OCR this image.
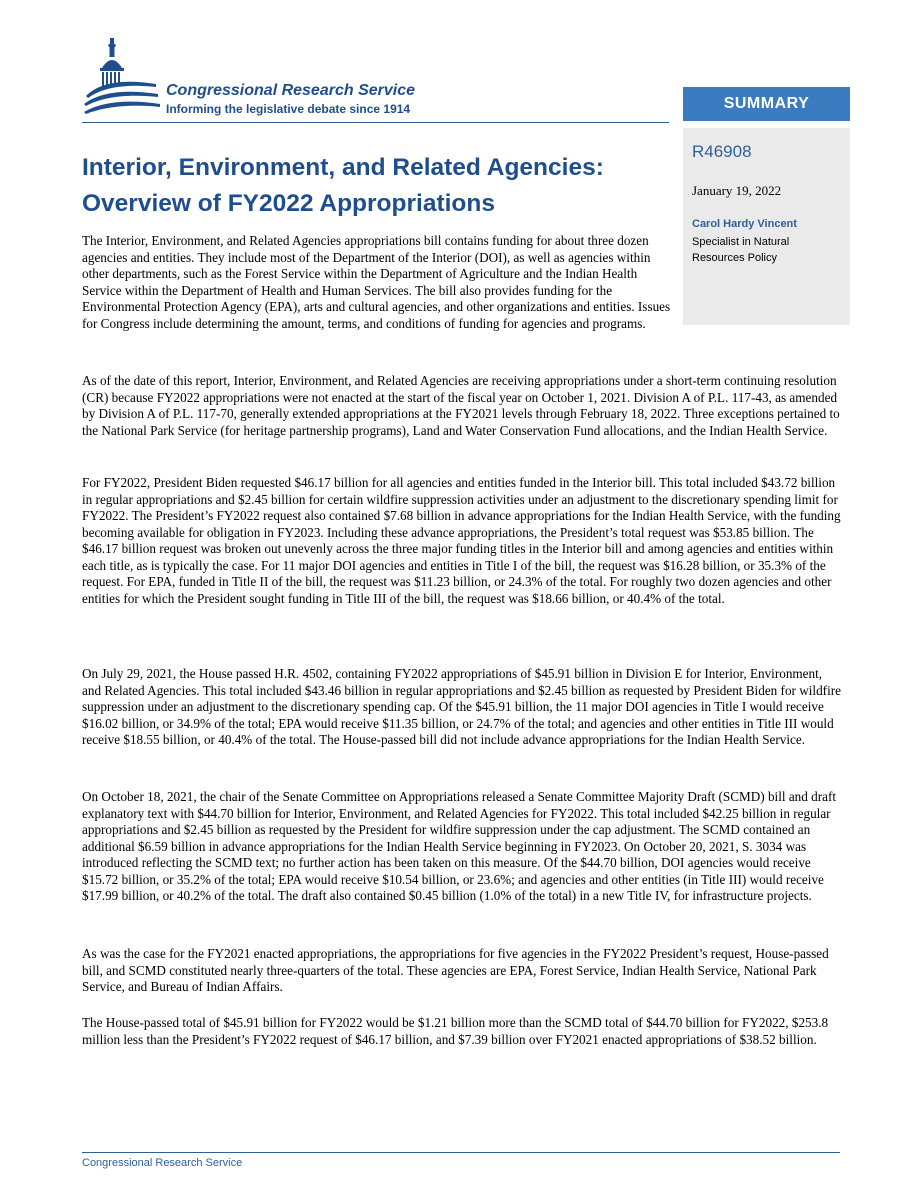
Congressional Research Service
Informing the legislative debate since 1914	SUMMARY
R46908
January 19, 2022
Carol Hardy Vincent
Specialist in Natural Resources Policy
Interior, Environment, and Related Agencies:
Overview of FY2022 Appropriations

The Interior, Environment, and Related Agencies appropriations bill contains funding for about three dozen agencies and entities. They include most of the Department of the Interior (DOI), as well as agencies within other departments, such as the Forest Service within the Department of Agriculture and the Indian Health Service within the Department of Health and Human Services. The bill also provides funding for the Environmental Protection Agency (EPA), arts and cultural agencies, and other organizations and entities. Issues for Congress include determining the amount, terms, and conditions of funding for agencies and programs.

As of the date of this report, Interior, Environment, and Related Agencies are receiving appropriations under a short-term continuing resolution (CR) because FY2022 appropriations were not enacted at the start of the fiscal year on October 1, 2021. Division A of P.L. 117-43, as amended by Division A of P.L. 117-70, generally extended appropriations at the FY2021 levels through February 18, 2022. Three exceptions pertained to the National Park Service (for heritage partnership programs), Land and Water Conservation Fund allocations, and the Indian Health Service.

For FY2022, President Biden requested $46.17 billion for all agencies and entities funded in the Interior bill. This total included $43.72 billion in regular appropriations and $2.45 billion for certain wildfire suppression activities under an adjustment to the discretionary spending limit for FY2022. The President’s FY2022 request also contained $7.68 billion in advance appropriations for the Indian Health Service, with the funding becoming available for obligation in FY2023. Including these advance appropriations, the President’s total request was $53.85 billion. The $46.17 billion request was broken out unevenly across the three major funding titles in the Interior bill and among agencies and entities within each title, as is typically the case. For 11 major DOI agencies and entities in Title I of the bill, the request was $16.28 billion, or 35.3% of the request. For EPA, funded in Title II of the bill, the request was $11.23 billion, or 24.3% of the total. For roughly two dozen agencies and other entities for which the President sought funding in Title III of the bill, the request was $18.66 billion, or 40.4% of the total.

On July 29, 2021, the House passed H.R. 4502, containing FY2022 appropriations of $45.91 billion in Division E for Interior, Environment, and Related Agencies. This total included $43.46 billion in regular appropriations and $2.45 billion as requested by President Biden for wildfire suppression under an adjustment to the discretionary spending cap. Of the $45.91 billion, the 11 major DOI agencies in Title I would receive $16.02 billion, or 34.9% of the total; EPA would receive $11.35 billion, or 24.7% of the total; and agencies and other entities in Title III would receive $18.55 billion, or 40.4% of the total. The House-passed bill did not include advance appropriations for the Indian Health Service.

On October 18, 2021, the chair of the Senate Committee on Appropriations released a Senate Committee Majority Draft (SCMD) bill and draft explanatory text with $44.70 billion for Interior, Environment, and Related Agencies for FY2022. This total included $42.25 billion in regular appropriations and $2.45 billion as requested by the President for wildfire suppression under the cap adjustment. The SCMD contained an additional $6.59 billion in advance appropriations for the Indian Health Service beginning in FY2023. On October 20, 2021, S. 3034 was introduced reflecting the SCMD text; no further action has been taken on this measure. Of the $44.70 billion, DOI agencies would receive $15.72 billion, or 35.2% of the total; EPA would receive $10.54 billion, or 23.6%; and agencies and other entities (in Title III) would receive $17.99 billion, or 40.2% of the total. The draft also contained $0.45 billion (1.0% of the total) in a new Title IV, for infrastructure projects.

As was the case for the FY2021 enacted appropriations, the appropriations for five agencies in the FY2022 President’s request, House-passed bill, and SCMD constituted nearly three-quarters of the total. These agencies are EPA, Forest Service, Indian Health Service, National Park Service, and Bureau of Indian Affairs.

The House-passed total of $45.91 billion for FY2022 would be $1.21 billion more than the SCMD total of $44.70 billion for FY2022, $253.8 million less than the President’s FY2022 request of $46.17 billion, and $7.39 billion over FY2021 enacted appropriations of $38.52 billion.

Congressional Research Service
